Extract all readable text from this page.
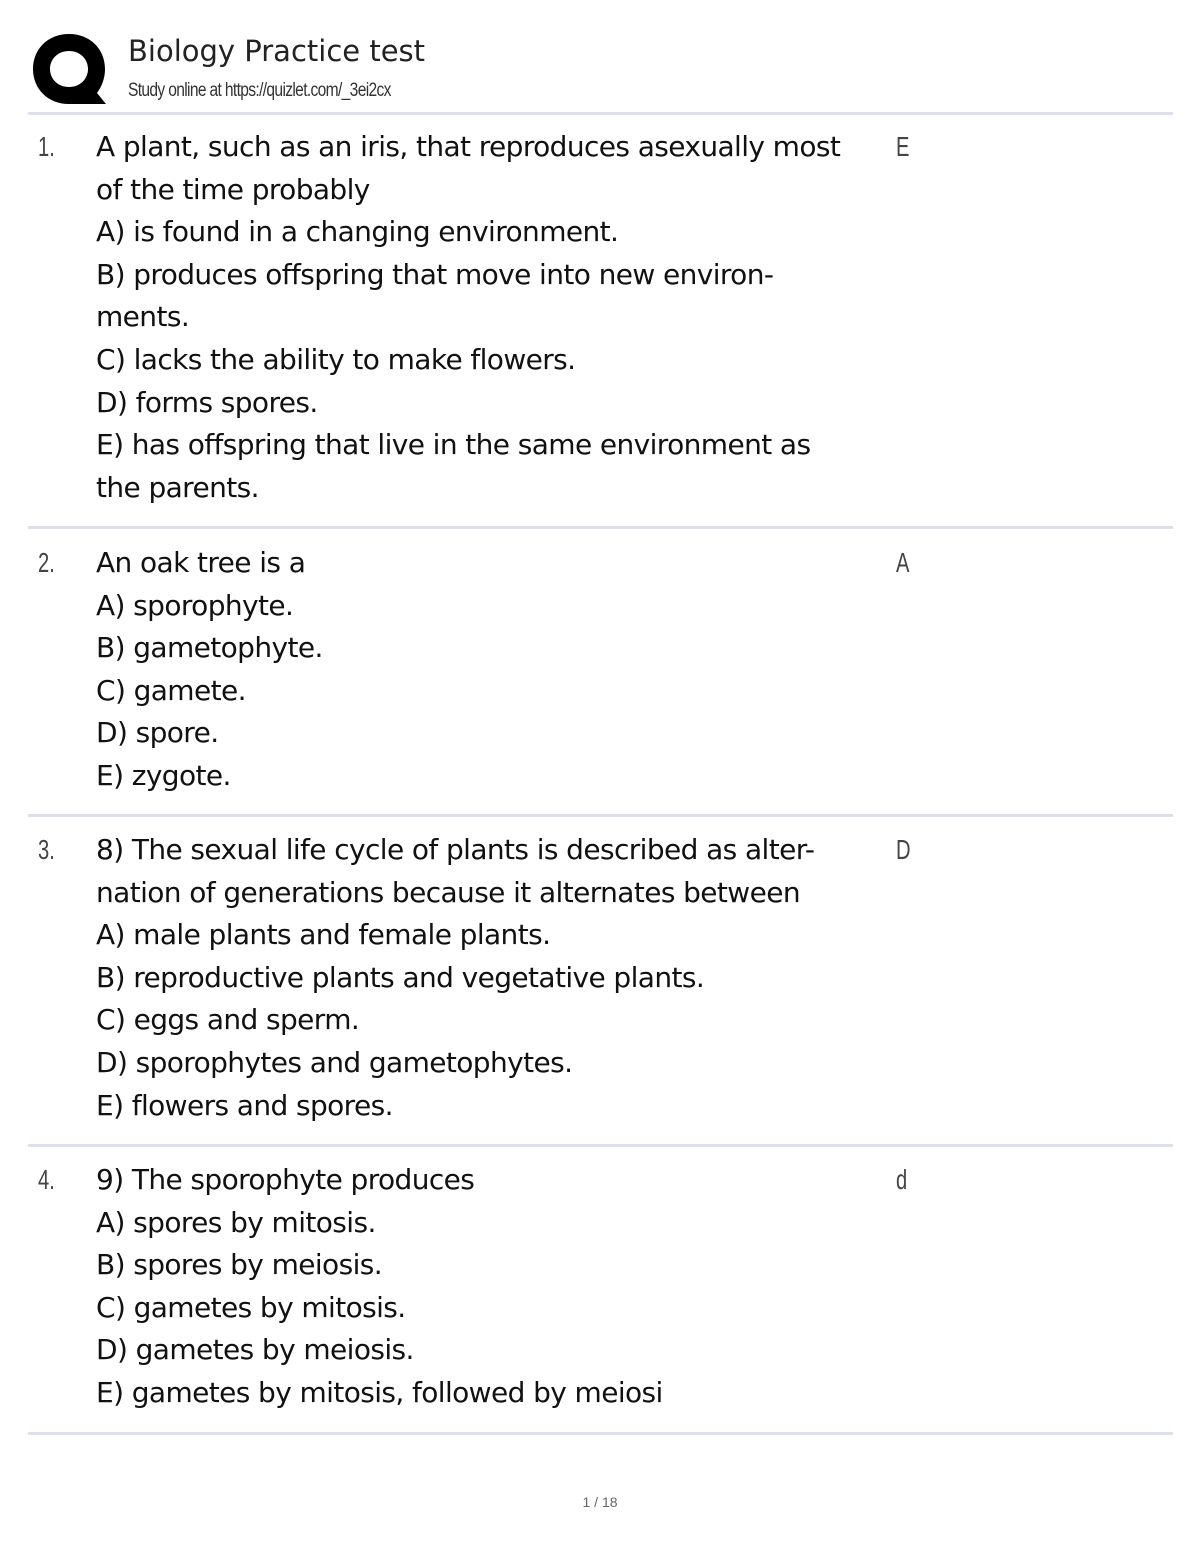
Biology Practice test
Study online at https://quizlet.com/_3ei2cx
1. A plant, such as an iris, that reproduces asexually most
of the time probably
A) is found in a changing environment.
B) produces offspring that move into new environ-
ments.
C) lacks the ability to make flowers.
D) forms spores.
E) has offspring that live in the same environment as
the parents.
E
2. An oak tree is a
A) sporophyte.
B) gametophyte.
C) gamete.
D) spore.
E) zygote.
A
3. 8) The sexual life cycle of plants is described as alter-
nation of generations because it alternates between
A) male plants and female plants.
B) reproductive plants and vegetative plants.
C) eggs and sperm.
D) sporophytes and gametophytes.
E) flowers and spores.
D
4. 9) The sporophyte produces
A) spores by mitosis.
B) spores by meiosis.
C) gametes by mitosis.
D) gametes by meiosis.
E) gametes by mitosis, followed by meiosi
d
1 / 18
